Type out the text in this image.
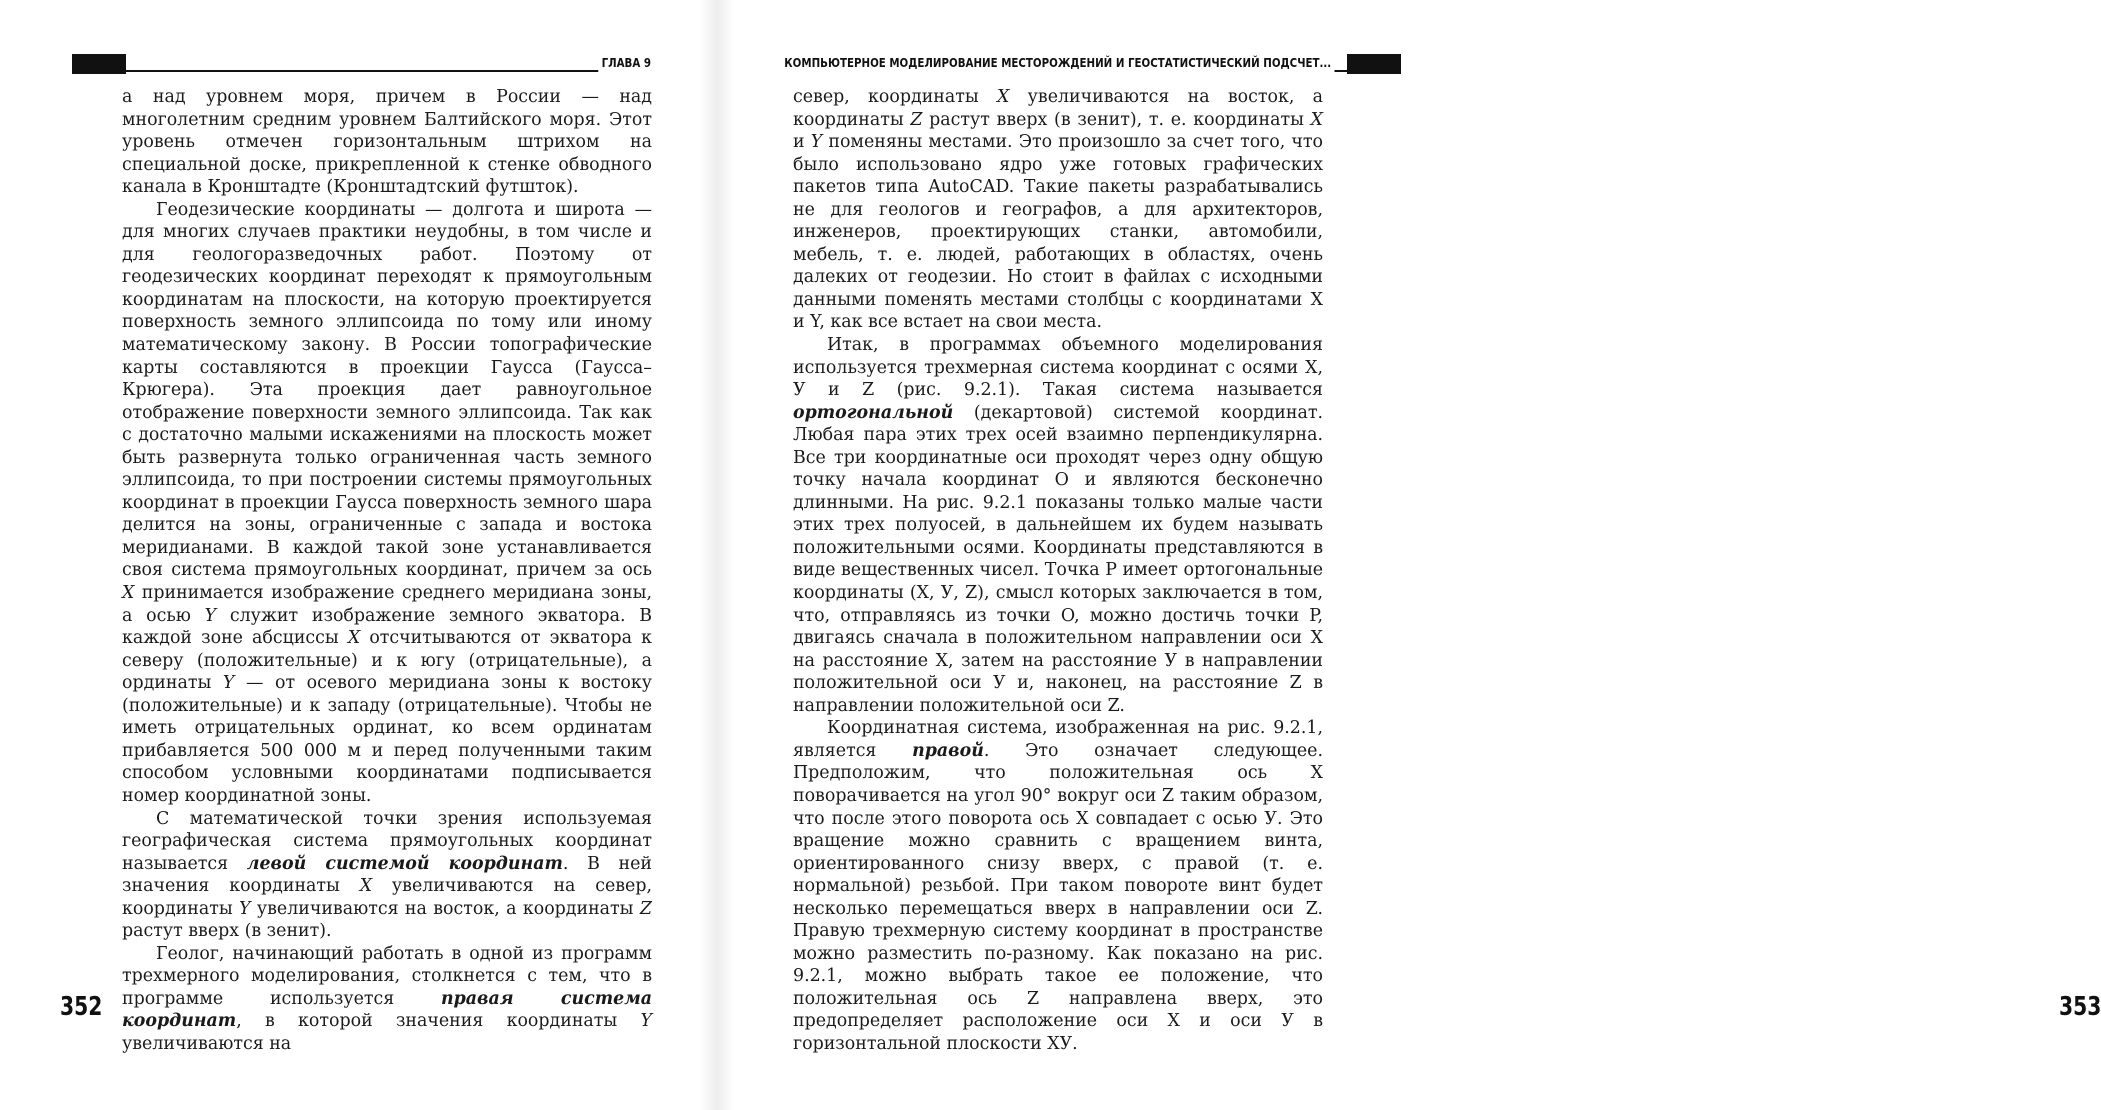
ГЛАВА 9

а над уровнем моря, причем в России — над многолетним средним уровнем Балтийского моря. Этот уровень отмечен горизонтальным штрихом на специальной доске, прикрепленной к стенке обводного канала в Кронштадте (Кронштадтский футшток).

Геодезические координаты — долгота и широта — для многих случаев практики неудобны, в том числе и для геологоразведочных работ. Поэтому от геодезических координат переходят к прямоугольным координатам на плоскости, на которую проектируется поверхность земного эллипсоида по тому или иному математическому закону. В России топографические карты составляются в проекции Гаусса (Гаусса–Крюгера). Эта проекция дает равноугольное отображение поверхности земного эллипсоида. Так как с достаточно малыми искажениями на плоскость может быть развернута только ограниченная часть земного эллипсоида, то при построении системы прямоугольных координат в проекции Гаусса поверхность земного шара делится на зоны, ограниченные с запада и востока меридианами. В каждой такой зоне устанавливается своя система прямоугольных координат, причем за ось X принимается изображение среднего меридиана зоны, а осью Y служит изображение земного экватора. В каждой зоне абсциссы X отсчитываются от экватора к северу (положительные) и к югу (отрицательные), а ординаты Y — от осевого меридиана зоны к востоку (положительные) и к западу (отрицательные). Чтобы не иметь отрицательных ординат, ко всем ординатам прибавляется 500 000 м и перед полученными таким способом условными координатами подписывается номер координатной зоны.

С математической точки зрения используемая географическая система прямоугольных координат называется левой системой координат. В ней значения координаты X увеличиваются на север, координаты Y увеличиваются на восток, а координаты Z растут вверх (в зенит).

Геолог, начинающий работать в одной из программ трехмерного моделирования, столкнется с тем, что в программе используется правая система координат, в которой значения координаты Y увеличиваются на

352
КОМПЬЮТЕРНОЕ МОДЕЛИРОВАНИЕ МЕСТОРОЖДЕНИЙ И ГЕОСТАТИСТИЧЕСКИЙ ПОДСЧЕТ...
353

север, координаты X увеличиваются на восток, а координаты Z растут вверх (в зенит), т. е. координаты X и Y поменяны местами. Это произошло за счет того, что было использовано ядро уже готовых графических пакетов типа AutoCAD. Такие пакеты разрабатывались не для геологов и географов, а для архитекторов, инженеров, проектирующих станки, автомобили, мебель, т. е. людей, работающих в областях, очень далеких от геодезии. Но стоит в файлах с исходными данными поменять местами столбцы с координатами X и Y, как все встает на свои места.

Итак, в программах объемного моделирования используется трехмерная система координат с осями X, У и Z (рис. 9.2.1). Такая система называется ортогональной (декартовой) системой координат. Любая пара этих трех осей взаимно перпендикулярна. Все три координатные оси проходят через одну общую точку начала координат O и являются бесконечно длинными. На рис. 9.2.1 показаны только малые части этих трех полуосей, в дальнейшем их будем называть положительными осями. Координаты представляются в виде вещественных чисел. Точка P имеет ортогональные координаты (X, У, Z), смысл которых заключается в том, что, отправляясь из точки O, можно достичь точки P, двигаясь сначала в положительном направлении оси X на расстояние X, затем на расстояние У в направлении положительной оси У и, наконец, на расстояние Z в направлении положительной оси Z.

Координатная система, изображенная на рис. 9.2.1, является правой. Это означает следующее. Предположим, что положительная ось X поворачивается на угол 90° вокруг оси Z таким образом, что после этого поворота ось X совпадает с осью У. Это вращение можно сравнить с вращением винта, ориентированного снизу вверх, с правой (т. е. нормальной) резьбой. При таком повороте винт будет несколько перемещаться вверх в направлении оси Z. Правую трехмерную систему координат в пространстве можно разместить по-разному. Как показано на рис. 9.2.1, можно выбрать такое ее положение, что положительная ось Z направлена вверх, это предопределяет расположение оси X и оси У в горизонтальной плоскости XУ.
